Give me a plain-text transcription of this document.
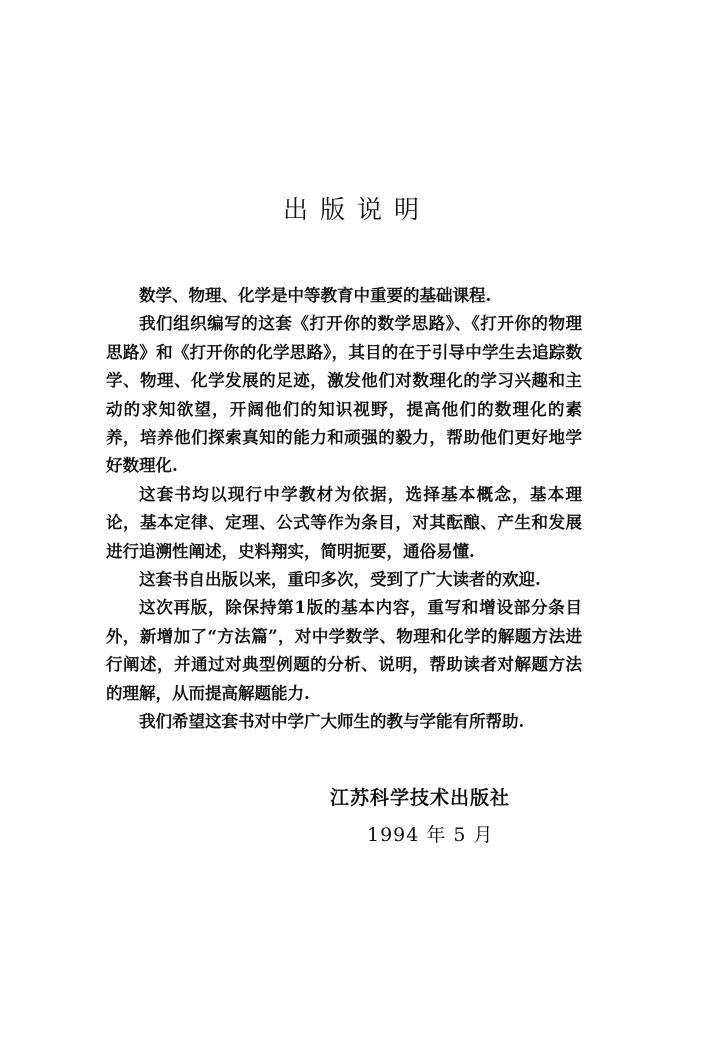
出版说明

数学、物理、化学是中等教育中重要的基础课程.

我们组织编写的这套《打开你的数学思路》、《打开你的物理思路》和《打开你的化学思路》，其目的在于引导中学生去追踪数学、物理、化学发展的足迹，激发他们对数理化的学习兴趣和主动的求知欲望，开阔他们的知识视野，提高他们的数理化的素养，培养他们探索真知的能力和顽强的毅力，帮助他们更好地学好数理化.

这套书均以现行中学教材为依据，选择基本概念，基本理论，基本定律、定理、公式等作为条目，对其酝酿、产生和发展进行追溯性阐述，史料翔实，简明扼要，通俗易懂.

这套书自出版以来，重印多次，受到了广大读者的欢迎.

这次再版，除保持第1版的基本内容，重写和增设部分条目外，新增加了“方法篇”，对中学数学、物理和化学的解题方法进行阐述，并通过对典型例题的分析、说明，帮助读者对解题方法的理解，从而提高解题能力.

我们希望这套书对中学广大师生的教与学能有所帮助.

江苏科学技术出版社
1994 年 5 月
